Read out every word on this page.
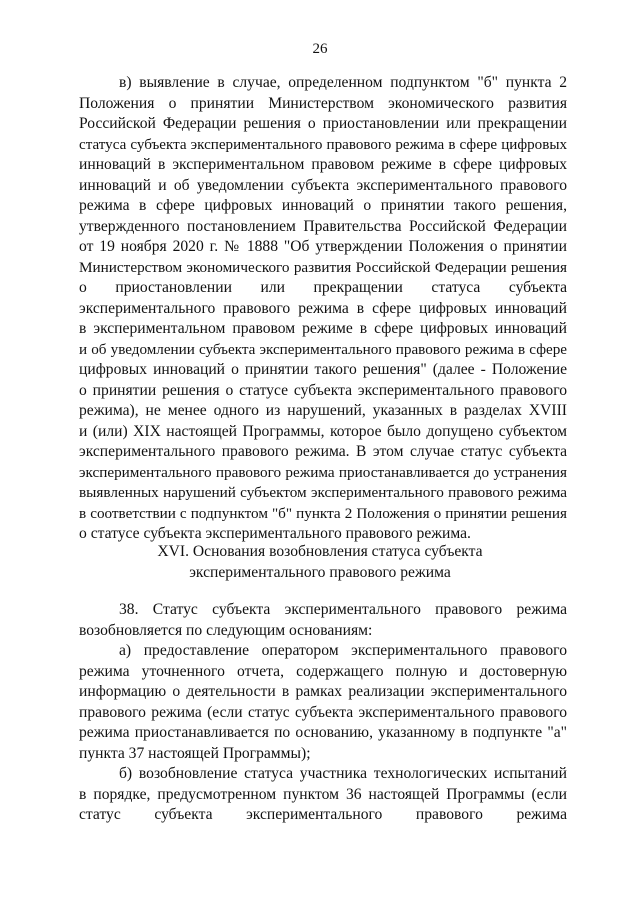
26
в) выявление в случае, определенном подпунктом "б" пункта 2
Положения о принятии Министерством экономического развития
Российской Федерации решения о приостановлении или прекращении
статуса субъекта экспериментального правового режима в сфере цифровых
инноваций в экспериментальном правовом режиме в сфере цифровых
инноваций и об уведомлении субъекта экспериментального правового
режима в сфере цифровых инноваций о принятии такого решения,
утвержденного постановлением Правительства Российской Федерации
от 19 ноября 2020 г. № 1888 "Об утверждении Положения о принятии
Министерством экономического развития Российской Федерации решения
о приостановлении или прекращении статуса субъекта
экспериментального правового режима в сфере цифровых инноваций
в экспериментальном правовом режиме в сфере цифровых инноваций
и об уведомлении субъекта экспериментального правового режима в сфере
цифровых инноваций о принятии такого решения" (далее - Положение
о принятии решения о статусе субъекта экспериментального правового
режима), не менее одного из нарушений, указанных в разделах XVIII
и (или) XIX настоящей Программы, которое было допущено субъектом
экспериментального правового режима. В этом случае статус субъекта
экспериментального правового режима приостанавливается до устранения
выявленных нарушений субъектом экспериментального правового режима
в соответствии с подпунктом "б" пункта 2 Положения о принятии решения
о статусе субъекта экспериментального правового режима.
XVI. Основания возобновления статуса субъекта
экспериментального правового режима
38. Статус субъекта экспериментального правового режима
возобновляется по следующим основаниям:
а) предоставление оператором экспериментального правового
режима уточненного отчета, содержащего полную и достоверную
информацию о деятельности в рамках реализации экспериментального
правового режима (если статус субъекта экспериментального правового
режима приостанавливается по основанию, указанному в подпункте "а"
пункта 37 настоящей Программы);
б) возобновление статуса участника технологических испытаний
в порядке, предусмотренном пунктом 36 настоящей Программы (если
статус субъекта экспериментального правового режима
